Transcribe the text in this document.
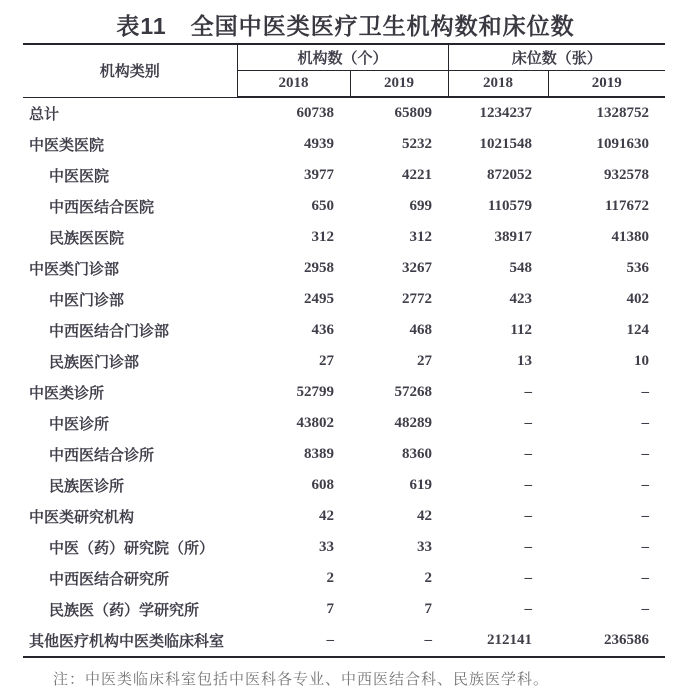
表11　全国中医类医疗卫生机构数和床位数
机构类别	机构数（个）		床位数（张）	
	2018	2019	2018	2019
总计	60738	65809	1234237	1328752
中医类医院	4939	5232	1021548	1091630
中医医院	3977	4221	872052	932578
中西医结合医院	650	699	110579	117672
民族医医院	312	312	38917	41380
中医类门诊部	2958	3267	548	536
中医门诊部	2495	2772	423	402
中西医结合门诊部	436	468	112	124
民族医门诊部	27	27	13	10
中医类诊所	52799	57268	–	–
中医诊所	43802	48289	–	–
中西医结合诊所	8389	8360	–	–
民族医诊所	608	619	–	–
中医类研究机构	42	42	–	–
中医（药）研究院（所）	33	33	–	–
中西医结合研究所	2	2	–	–
民族医（药）学研究所	7	7	–	–
其他医疗机构中医类临床科室	–	–	212141	236586
注：中医类临床科室包括中医科各专业、中西医结合科、民族医学科。
